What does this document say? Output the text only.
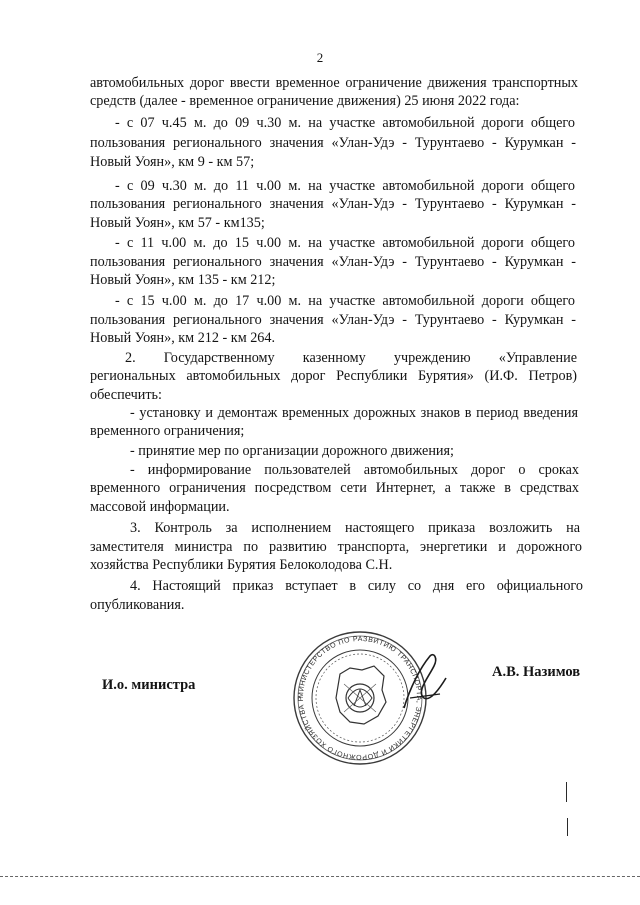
2
автомобильных дорог ввести временное ограничение движения транспортных
средств (далее - временное ограничение движения) 25 июня 2022 года:
- с 07 ч.45 м. до 09 ч.30 м. на участке автомобильной дороги общего
пользования регионального значения «Улан-Удэ - Турунтаево - Курумкан -
Новый Уоян», км 9 - км 57;
- с 09 ч.30 м. до 11 ч.00 м. на участке автомобильной дороги общего
пользования регионального значения «Улан-Удэ - Турунтаево - Курумкан -
Новый Уоян», км 57 - км135;
- с 11 ч.00 м. до 15 ч.00 м. на участке автомобильной дороги общего
пользования регионального значения «Улан-Удэ - Турунтаево - Курумкан -
Новый Уоян», км 135 - км 212;
- с 15 ч.00 м. до 17 ч.00 м. на участке автомобильной дороги общего
пользования регионального значения «Улан-Удэ - Турунтаево - Курумкан -
Новый Уоян», км 212 - км 264.
2. Государственному казенному учреждению «Управление
региональных автомобильных дорог Республики Бурятия» (И.Ф. Петров)
обеспечить:
- установку и демонтаж временных дорожных знаков в период введения
временного ограничения;
- принятие мер по организации дорожного движения;
- информирование пользователей автомобильных дорог о сроках
временного ограничения посредством сети Интернет, а также в средствах
массовой информации.
3. Контроль за исполнением настоящего приказа возложить на
заместителя министра по развитию транспорта, энергетики и дорожного
хозяйства Республики Бурятия Белоколодова С.Н.
4. Настоящий приказ вступает в силу со дня его официального
опубликования.
И.о. министра
А.В. Назимов
МИНИСТЕРСТВО ПО РАЗВИТИЮ ТРАНСПОРТА, ЭНЕРГЕТИКИ И ДОРОЖНОГО ХОЗЯЙСТВА Р
